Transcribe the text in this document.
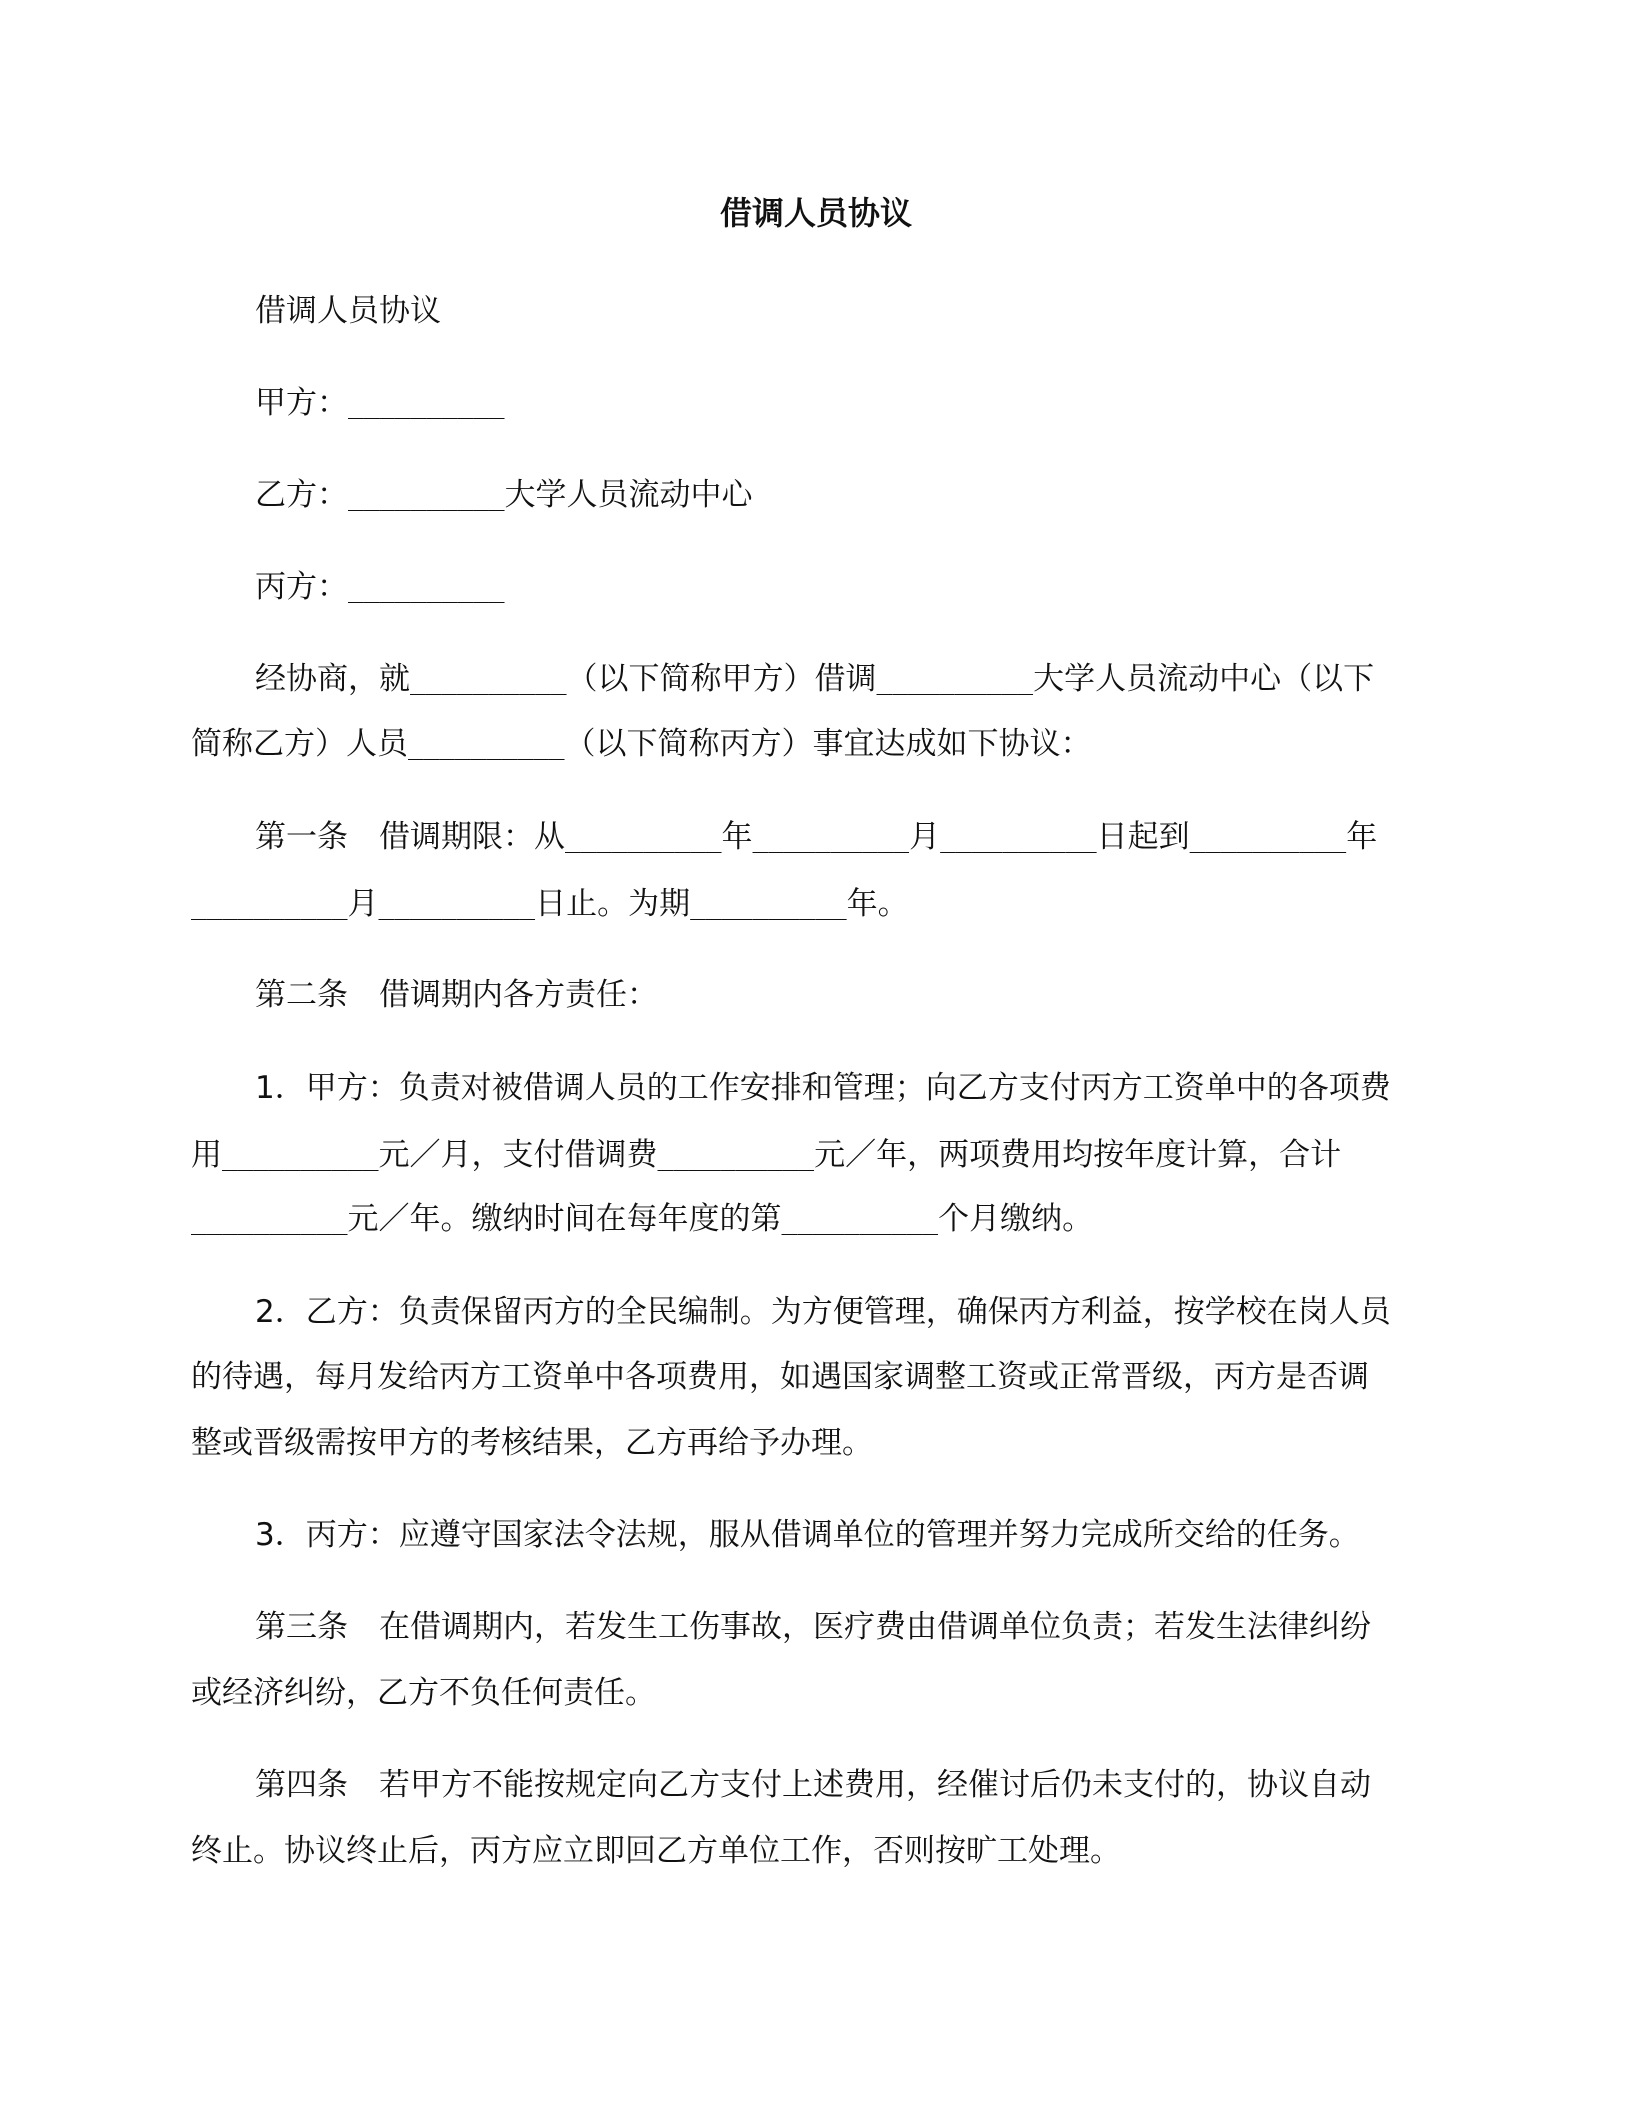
借调人员协议
借调人员协议
甲方：__________
乙方：__________大学人员流动中心
丙方：__________
经协商，就__________（以下简称甲方）借调__________大学人员流动中心（以下
简称乙方）人员__________（以下简称丙方）事宜达成如下协议：
第一条　借调期限：从__________年__________月__________日起到__________年
__________月__________日止。为期__________年。
第二条　借调期内各方责任：
1．甲方：负责对被借调人员的工作安排和管理；向乙方支付丙方工资单中的各项费
用__________元／月，支付借调费__________元／年，两项费用均按年度计算，合计
__________元／年。缴纳时间在每年度的第__________个月缴纳。
2．乙方：负责保留丙方的全民编制。为方便管理，确保丙方利益，按学校在岗人员
的待遇，每月发给丙方工资单中各项费用，如遇国家调整工资或正常晋级，丙方是否调
整或晋级需按甲方的考核结果，乙方再给予办理。
3．丙方：应遵守国家法令法规，服从借调单位的管理并努力完成所交给的任务。
第三条　在借调期内，若发生工伤事故，医疗费由借调单位负责；若发生法律纠纷
或经济纠纷，乙方不负任何责任。
第四条　若甲方不能按规定向乙方支付上述费用，经催讨后仍未支付的，协议自动
终止。协议终止后，丙方应立即回乙方单位工作，否则按旷工处理。
